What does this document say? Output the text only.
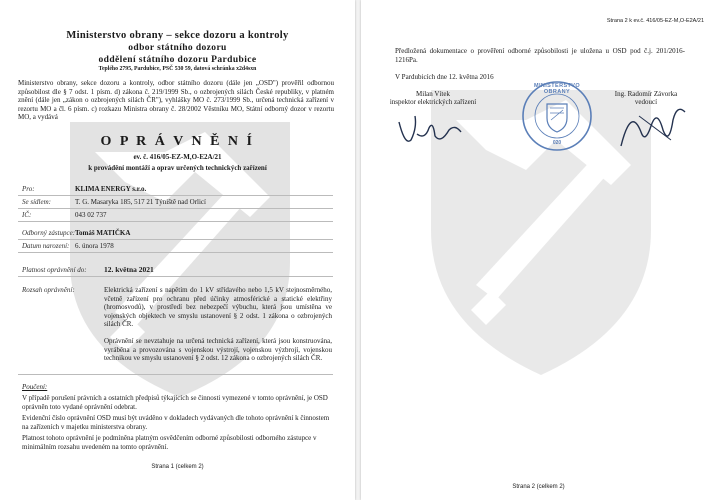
Ministerstvo obrany – sekce dozoru a kontroly
odbor státního dozoru
oddělení státního dozoru Pardubice
Teplého 2795, Pardubice, PSČ 530 59, datová schránka x2d4sxn
Ministerstvo obrany, sekce dozoru a kontroly, odbor státního dozoru (dále jen „OSD") prověřil odbornou způsobilost dle § 7 odst. 1 písm. d) zákona č. 219/1999 Sb., o ozbrojených silách České republiky, v platném znění (dále jen „zákon o ozbrojených silách ČR"), vyhlášky MO č. 273/1999 Sb., určená technická zařízení v rezortu MO a čl. 6 písm. c) rozkazu Ministra obrany č. 28/2002 Věstníku MO, Státní odborný dozor v rezortu MO, a vydává
O P R Á V N Ě N Í
ev. č. 416/05-EZ-M,O-E2A/21
k provádění montáží a oprav určených technických zařízení
Pro:	KLIMA ENERGY s.r.o.
Se sídlem:	T. G. Masaryka 185, 517 21 Týniště nad Orlicí
IČ:	043 02 737
Odborný zástupce: Tomáš MATIČKA
Datum narození: 6. února 1978
Platnost oprávnění do: 12. května 2021
Rozsah oprávnění:	Elektrická zařízení s napětím do 1 kV střídavého nebo 1,5 kV stejnosměrného, včetně zařízení pro ochranu před účinky atmosférické a statické elektřiny (hromosvodů), v prostředí bez nebezpečí výbuchu, která jsou umístěna ve vojenských objektech ve smyslu ustanovení § 2 odst. 1 zákona o ozbrojených silách ČR.
Oprávnění se nevztahuje na určená technická zařízení, která jsou konstruována, vyráběna a provozována s vojenskou výstrojí, vojenskou výzbrojí, vojenskou technikou ve smyslu ustanovení § 2 odst. 12 zákona o ozbrojených silách ČR.
Poučení:
V případě porušení právních a ostatních předpisů týkajících se činnosti vymezené v tomto oprávnění, je OSD oprávněn toto vydané oprávnění odebrat.
Evidenční číslo oprávnění OSD musí být uváděno v dokladech vydávaných dle tohoto oprávnění k činnostem na zařízeních v majetku ministerstva obrany.
Platnost tohoto oprávnění je podmíněna platným osvědčením odborné způsobilosti odborného zástupce v minimálním rozsahu uvedeném na tomto oprávnění.
Strana 1 (celkem 2)
Strana 2 k ev.č. 416/05-EZ-M,O-E2A/21
Předložená dokumentace o prověření odborné způsobilosti je uložena u OSD pod č.j. 201/2016-1216Pa.
V Pardubicích dne 12. května 2016
Milan Vítek
inspektor elektrických zařízení
Ing. Radomír Závorka
vedoucí
MINISTERSTVO OBRANY
020
Strana 2 (celkem 2)
